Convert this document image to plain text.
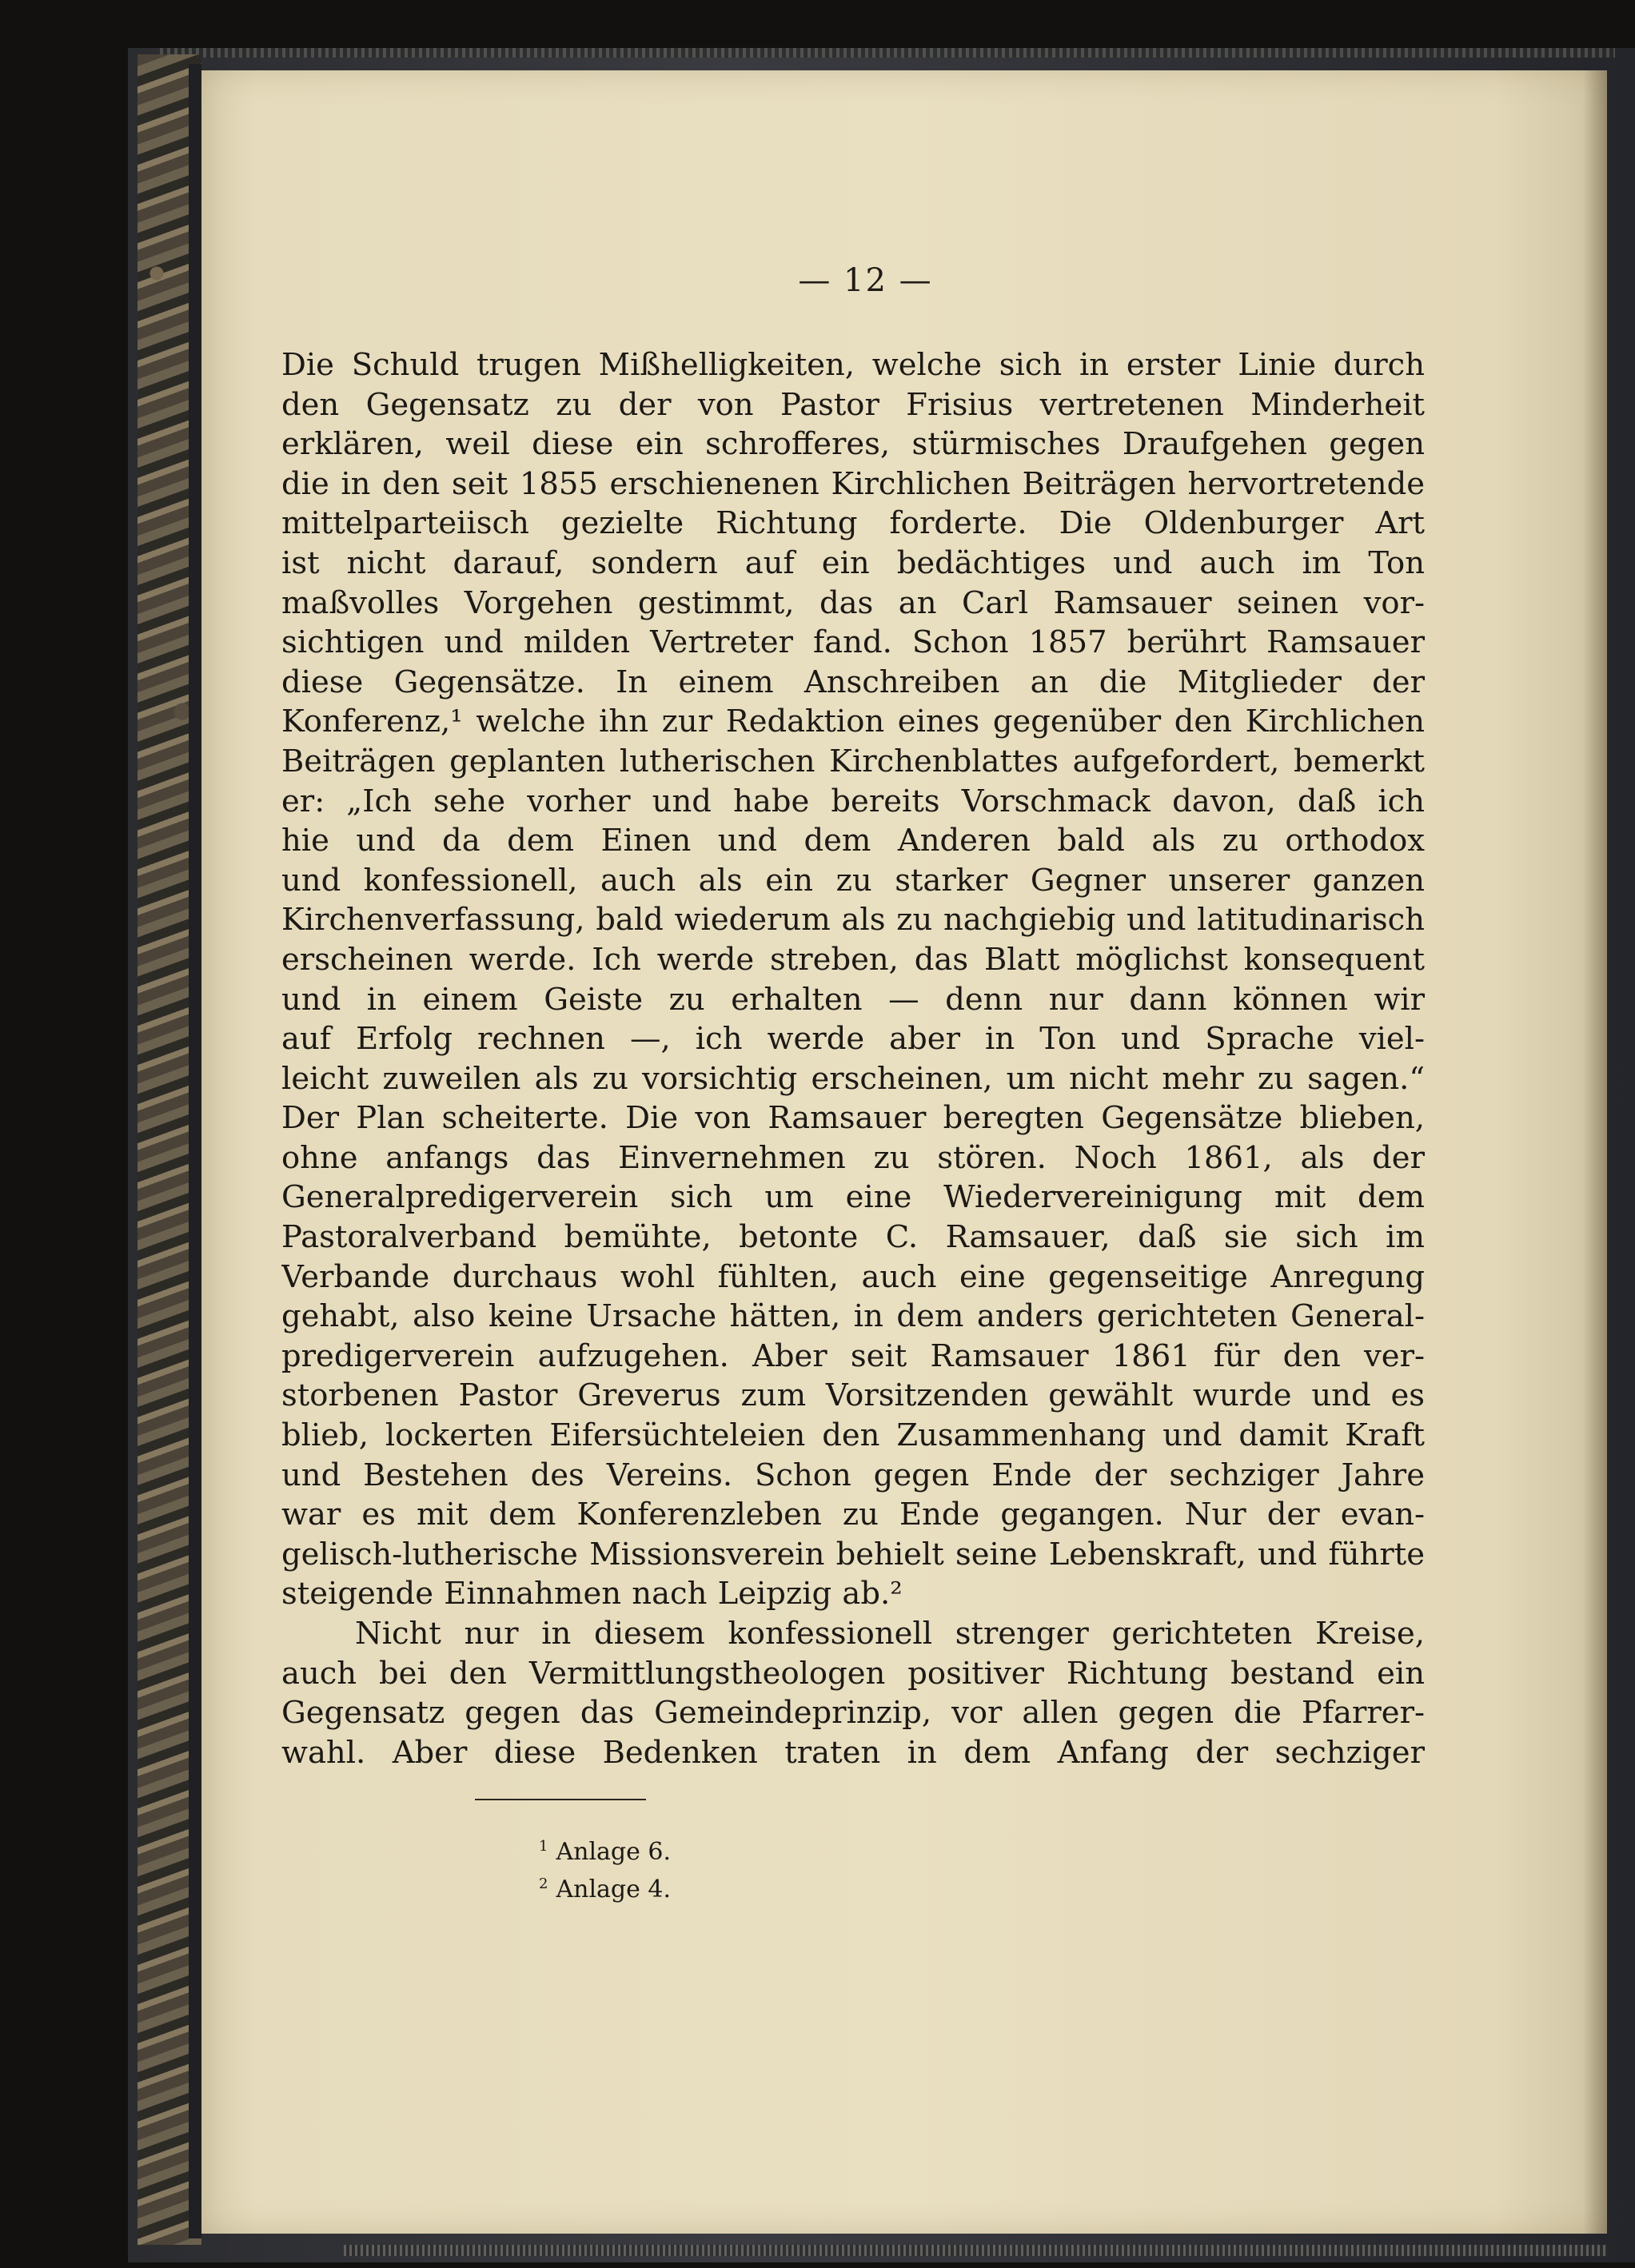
— 12 —
Die Schuld trugen Mißhelligkeiten, welche sich in erster Linie durch
den Gegensatz zu der von Pastor Frisius vertretenen Minderheit
erklären, weil diese ein schrofferes, stürmisches Draufgehen gegen
die in den seit 1855 erschienenen Kirchlichen Beiträgen hervortretende
mittelparteiisch gezielte Richtung forderte. Die Oldenburger Art
ist nicht darauf, sondern auf ein bedächtiges und auch im Ton
maßvolles Vorgehen gestimmt, das an Carl Ramsauer seinen vor-
sichtigen und milden Vertreter fand. Schon 1857 berührt Ramsauer
diese Gegensätze. In einem Anschreiben an die Mitglieder der
Konferenz,¹ welche ihn zur Redaktion eines gegenüber den Kirchlichen
Beiträgen geplanten lutherischen Kirchenblattes aufgefordert, bemerkt
er: „Ich sehe vorher und habe bereits Vorschmack davon, daß ich
hie und da dem Einen und dem Anderen bald als zu orthodox
und konfessionell, auch als ein zu starker Gegner unserer ganzen
Kirchenverfassung, bald wiederum als zu nachgiebig und latitudinarisch
erscheinen werde. Ich werde streben, das Blatt möglichst konsequent
und in einem Geiste zu erhalten — denn nur dann können wir
auf Erfolg rechnen —, ich werde aber in Ton und Sprache viel-
leicht zuweilen als zu vorsichtig erscheinen, um nicht mehr zu sagen.“
Der Plan scheiterte. Die von Ramsauer beregten Gegensätze blieben,
ohne anfangs das Einvernehmen zu stören. Noch 1861, als der
Generalpredigerverein sich um eine Wiedervereinigung mit dem
Pastoralverband bemühte, betonte C. Ramsauer, daß sie sich im
Verbande durchaus wohl fühlten, auch eine gegenseitige Anregung
gehabt, also keine Ursache hätten, in dem anders gerichteten General-
predigerverein aufzugehen. Aber seit Ramsauer 1861 für den ver-
storbenen Pastor Greverus zum Vorsitzenden gewählt wurde und es
blieb, lockerten Eifersüchteleien den Zusammenhang und damit Kraft
und Bestehen des Vereins. Schon gegen Ende der sechziger Jahre
war es mit dem Konferenzleben zu Ende gegangen. Nur der evan-
gelisch-lutherische Missionsverein behielt seine Lebenskraft, und führte
steigende Einnahmen nach Leipzig ab.²
Nicht nur in diesem konfessionell strenger gerichteten Kreise,
auch bei den Vermittlungstheologen positiver Richtung bestand ein
Gegensatz gegen das Gemeindeprinzip, vor allen gegen die Pfarrer-
wahl. Aber diese Bedenken traten in dem Anfang der sechziger
$^1$ Anlage 6.
$^2$ Anlage 4.
